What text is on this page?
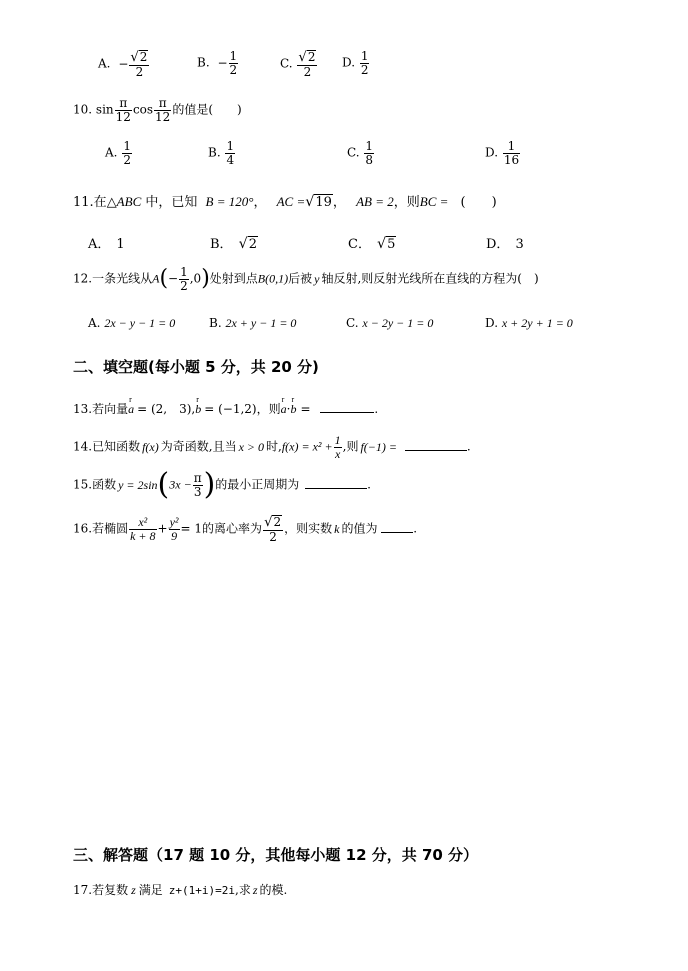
A. − $\frac{√2}{2}$	B. − $\frac{1}{2}$	C. $\frac{√2}{2} D$. $\frac{1}{2}$
10. $\sin \frac{\pi}{12}$ $\cos \frac{\pi}{12}$ 的值是(　　)
A. $\frac{1}{2}$	B. $\frac{1}{4}$	C. $\frac{1}{8}$	D. $\frac{1}{16}$
11.在△ABC 中，已知 B = 120°， AC =√19， AB = 2，则BC = (　　)
A． 1	B． √2	C． √5	D． 3
12.一条光线从$A(- \frac{1}{2} ,0)$处射到点B(0,1)后被 y 轴反射,则反射光线所在直线的方程为(　)
A. 2x − y − 1 = 0	B. 2x + y − 1 = 0	C. x − 2y − 1 = 0	D. x + 2y + 1 = 0
二、填空题(每小题 5 分，共 20 分)
13.若向量
r
a = (2,　3),
r
b = (−1,2)，则
r
a·
r
b =	.
14.已知函数 f(x) 为奇函数,且当 x > 0 时$,f(x) = x^2 + \frac{1}{x}$ ,则 f(−1) =	.
15.函数 $y = 2\sin(3x - \frac{\pi}{3}$ )的最小正周期为	.
16.若椭圆 $\frac{\text{x²}}{k + 8} + \frac{\text{y²}}{9} = 1$的离心率为 $\frac{√2}{2}$ ，则实数 k 的值为	.
三、解答题（17 题 10 分，其他每小题 12 分，共 70 分）
17.若复数 z 满足 z+(1+i)=2i,求 z 的模.
